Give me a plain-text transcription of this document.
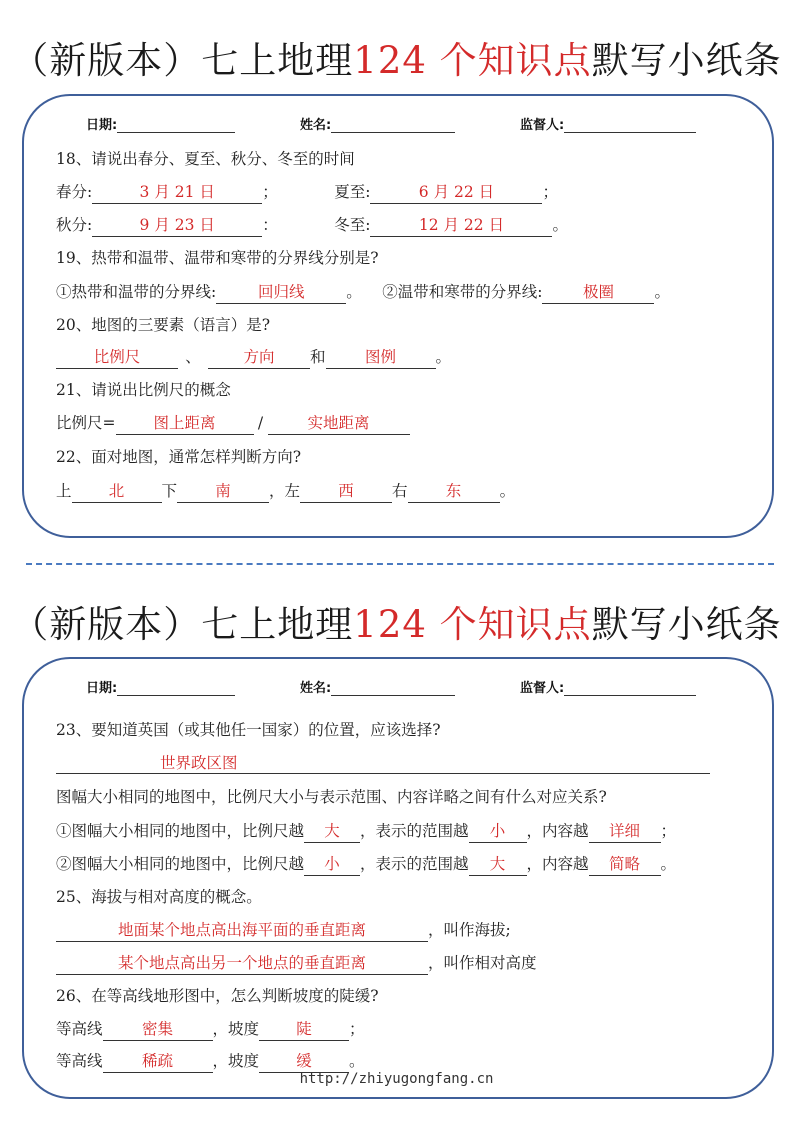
（新版本）七上地理124 个知识点默写小纸条
日期:	姓名:	监督人:
18、请说出春分、夏至、秋分、冬至的时间
春分:	3 月 21 日	；	夏至:	6 月 22 日	；
秋分:	9 月 23 日	：	冬至:	12 月 22 日	。
19、热带和温带、温带和寒带的分界线分别是?
①热带和温带的分界线:	回归线	。 ②温带和寒带的分界线:	极圈	。
20、地图的三要素（语言）是?
比例尺	、	方向 和	图例	。
21、请说出比例尺的概念
比例尺= 图上距离	/	实地距离
22、面对地图，通常怎样判断方向?
上 北 下 南 ，左 西 右 东 。
（新版本）七上地理124 个知识点默写小纸条
日期:	姓名:	监督人:
23、要知道英国（或其他任一国家）的位置，应该选择?
世界政区图
图幅大小相同的地图中，比例尺大小与表示范围、内容详略之间有什么对应关系?
①图幅大小相同的地图中，比例尺越 大 ，表示的范围越 小 ，内容越 详细 ；
②图幅大小相同的地图中，比例尺越 小 ，表示的范围越 大 ，内容越 简略 。
25、海拔与相对高度的概念。
地面某个地点高出海平面的垂直距离	，叫作海拔;
某个地点高出另一个地点的垂直距离	，叫作相对高度
26、在等高线地形图中，怎么判断坡度的陡缓?
等高线	密集	，坡度 陡 ；
等高线	稀疏	，坡度 缓 。
http://zhiyugongfang.cn
